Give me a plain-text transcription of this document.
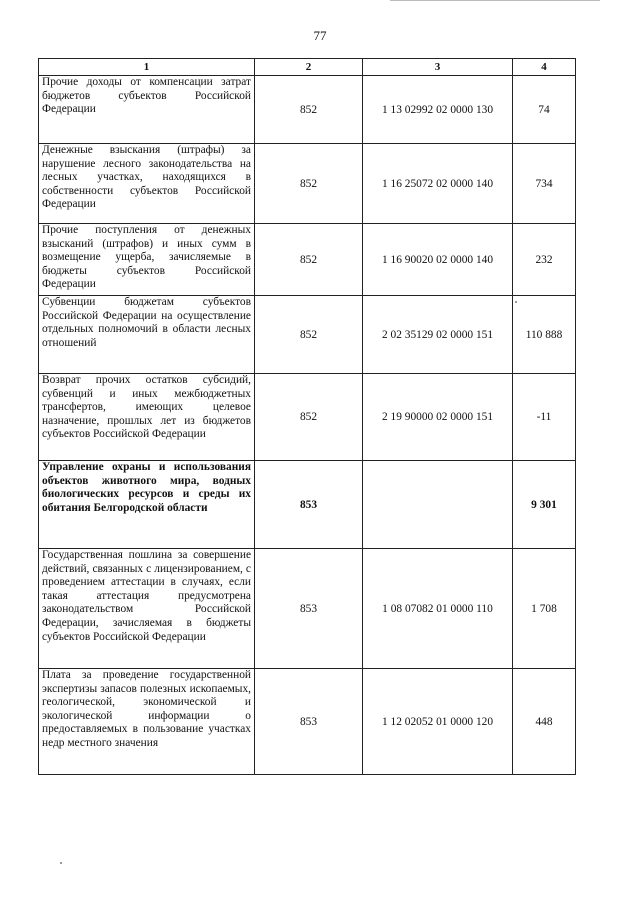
77
1	2	3	4
Прочие доходы от компенсации затрат бюджетов субъектов Российской Федерации	852	1 13 02992 02 0000 130	74
Денежные взыскания (штрафы) за нарушение лесного законодательства на лесных участках, находящихся в собственности субъектов Российской Федерации	852	1 16 25072 02 0000 140	734
Прочие поступления от денежных взысканий (штрафов) и иных сумм в возмещение ущерба, зачисляемые в бюджеты субъектов Российской Федерации	852	1 16 90020 02 0000 140	232
Субвенции бюджетам субъектов Российской Федерации на осуществление отдельных полномочий в области лесных отношений	852	2 02 35129 02 0000 151	110 888
Возврат прочих остатков субсидий, субвенций и иных межбюджетных трансфертов, имеющих целевое назначение, прошлых лет из бюджетов субъектов Российской Федерации	852	2 19 90000 02 0000 151	-11
Управление охраны и использования объектов животного мира, водных биологических ресурсов и среды их обитания Белгородской области	853		9 301
Государственная пошлина за совершение действий, связанных с лицензированием, с проведением аттестации в случаях, если такая аттестация предусмотрена законодательством Российской Федерации, зачисляемая в бюджеты субъектов Российской Федерации	853	1 08 07082 01 0000 110	1 708
Плата за проведение государственной экспертизы запасов полезных ископаемых, геологической, экономической и экологической информации о предоставляемых в пользование участках недр местного значения	853	1 12 02052 01 0000 120	448
